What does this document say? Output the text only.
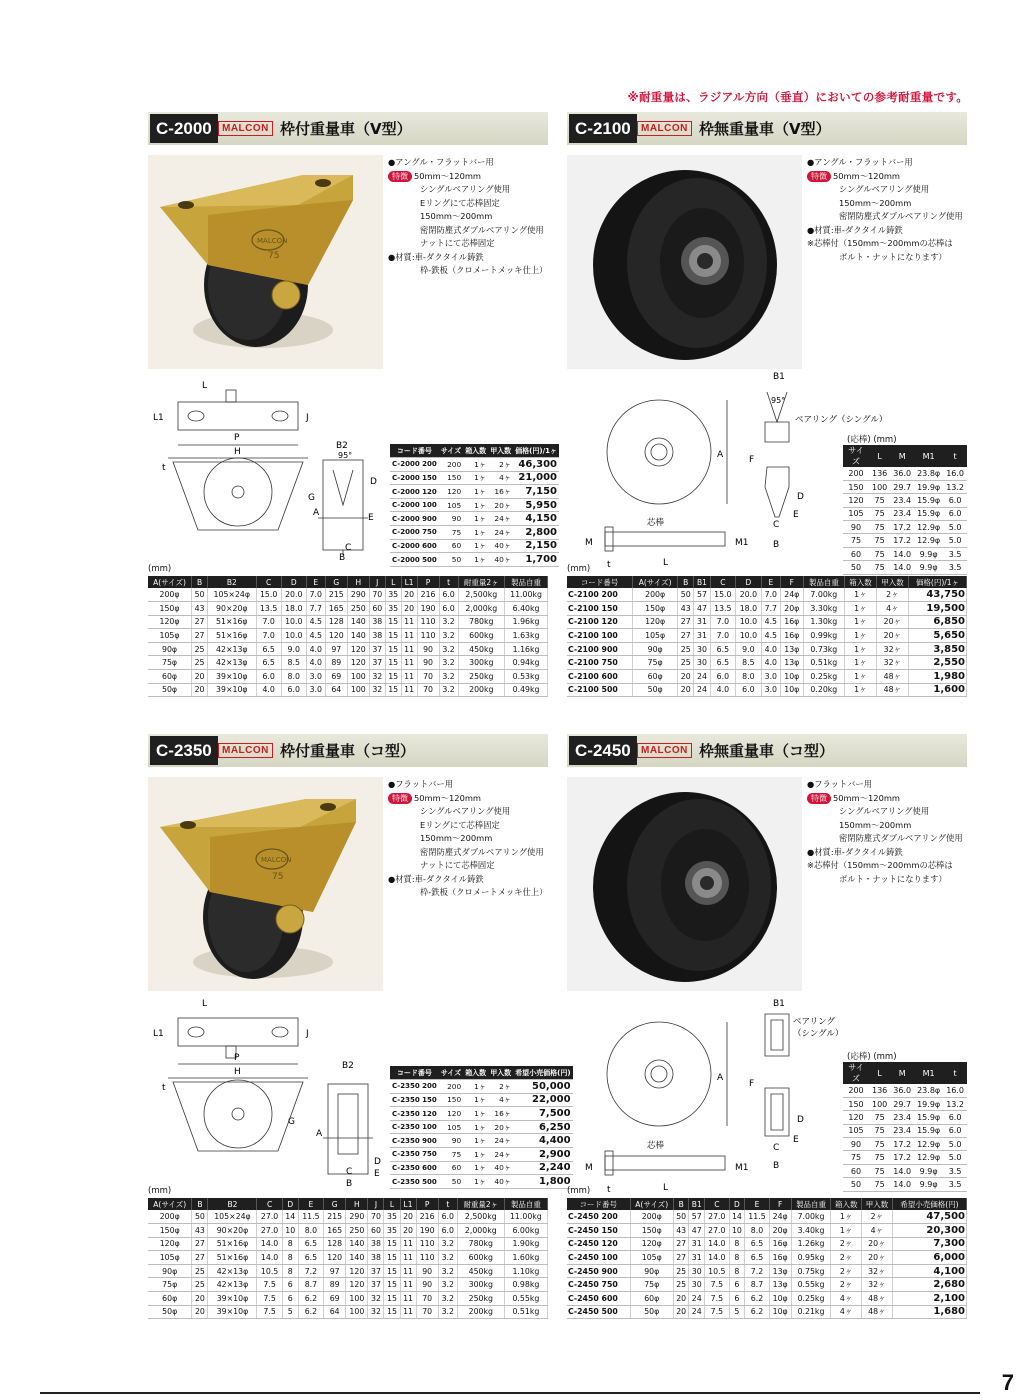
※耐重量は、ラジアル方向（垂直）においての参考耐重量です。
C-2000	MALCON 枠付重量車（V型）
MALCON
75
●アングル・フラットバー用
特徴 50mm～120mm
シングルベアリング使用
Eリングにて芯棒固定
150mm～200mm
密閉防塵式ダブルベアリング使用
ナットにて芯棒固定
●材質:車-ダクタイル鋳鉄
枠-鉄板（クロメートメッキ仕上）
L
L1	J
P
H
t
G
A
B2
95°
D
E
C
B
コード番号	サイズ	箱入数	甲入数	価格(円)/1ヶ
C-2000 200	200	1ヶ	2ヶ	46,300
C-2000 150	150	1ヶ	4ヶ	21,000
C-2000 120	120	1ヶ	16ヶ	7,150
C-2000 100	105	1ヶ	20ヶ	5,950
C-2000 900	90	1ヶ	24ヶ	4,150
C-2000 750	75	1ヶ	24ヶ	2,800
C-2000 600	60	1ヶ	40ヶ	2,150
C-2000 500	50	1ヶ	40ヶ	1,700
(mm)
A(サイズ)	B	B2	C	D	E	G	H	J	L	L1	P	t	耐重量2ヶ	製品自重
200φ	50	105×24φ	15.0	20.0	7.0	215	290	70	35	20	216	6.0	2,500kg	11.00kg
150φ	43	90×20φ	13.5	18.0	7.7	165	250	60	35	20	190	6.0	2,000kg	6.40kg
120φ	27	51×16φ	7.0	10.0	4.5	128	140	38	15	11	110	3.2	780kg	1.96kg
105φ	27	51×16φ	7.0	10.0	4.5	120	140	38	15	11	110	3.2	600kg	1.63kg
90φ	25	42×13φ	6.5	9.0	4.0	97	120	37	15	11	90	3.2	450kg	1.16kg
75φ	25	42×13φ	6.5	8.5	4.0	89	120	37	15	11	90	3.2	300kg	0.94kg
60φ	20	39×10φ	6.0	8.0	3.0	69	100	32	15	11	70	3.2	250kg	0.53kg
50φ	20	39×10φ	4.0	6.0	3.0	64	100	32	15	11	70	3.2	200kg	0.49kg
C-2100	MALCON 枠無重量車（V型）
●アングル・フラットバー用
特徴 50mm～120mm
シングルベアリング使用
150mm～200mm
密閉防塵式ダブルベアリング使用
●材質:車-ダクタイル鋳鉄
※芯棒付（150mm～200mmの芯棒は
ボルト・ナットになります）
B1
95°
ベアリング（シングル）
A	F
D
E
C
B
芯棒
M	M1
L
t
(応棒) (mm)
サイズ	L	M	M1	t
200	136	36.0	23.8φ	16.0
150	100	29.7	19.9φ	13.2
120	75	23.4	15.9φ	6.0
105	75	23.4	15.9φ	6.0
90	75	17.2	12.9φ	5.0
75	75	17.2	12.9φ	5.0
60	75	14.0	9.9φ	3.5
50	75	14.0	9.9φ	3.5
(mm)
コード番号	A(サイズ)	B	B1	C	D	E	F	製品自重	箱入数	甲入数	価格(円)/1ヶ
C-2100 200	200φ	50	57	15.0	20.0	7.0	24φ	7.00kg	1ヶ	2ヶ	43,750
C-2100 150	150φ	43	47	13.5	18.0	7.7	20φ	3.30kg	1ヶ	4ヶ	19,500
C-2100 120	120φ	27	31	7.0	10.0	4.5	16φ	1.30kg	1ヶ	20ヶ	6,850
C-2100 100	105φ	27	31	7.0	10.0	4.5	16φ	0.99kg	1ヶ	20ヶ	5,650
C-2100 900	90φ	25	30	6.5	9.0	4.0	13φ	0.73kg	1ヶ	32ヶ	3,850
C-2100 750	75φ	25	30	6.5	8.5	4.0	13φ	0.51kg	1ヶ	32ヶ	2,550
C-2100 600	60φ	20	24	6.0	8.0	3.0	10φ	0.25kg	1ヶ	48ヶ	1,980
C-2100 500	50φ	20	24	4.0	6.0	3.0	10φ	0.20kg	1ヶ	48ヶ	1,600
C-2350	MALCON 枠付重量車（コ型）
MALCON
75
●フラットバー用
特徴 50mm～120mm
シングルベアリング使用
Eリングにて芯棒固定
150mm～200mm
密閉防塵式ダブルベアリング使用
ナットにて芯棒固定
●材質:車-ダクタイル鋳鉄
枠-鉄板（クロメートメッキ仕上）
L
L1	J
P
H
t
G
A
B2
D
E
C
B
コード番号	サイズ	箱入数	甲入数	希望小売価格(円)
C-2350 200	200	1ヶ	2ヶ	50,000
C-2350 150	150	1ヶ	4ヶ	22,000
C-2350 120	120	1ヶ	16ヶ	7,500
C-2350 100	105	1ヶ	20ヶ	6,250
C-2350 900	90	1ヶ	24ヶ	4,400
C-2350 750	75	1ヶ	24ヶ	2,900
C-2350 600	60	1ヶ	40ヶ	2,240
C-2350 500	50	1ヶ	40ヶ	1,800
(mm)
A(サイズ)	B	B2	C	D	E	G	H	J	L	L1	P	t	耐重量2ヶ	製品自重
200φ	50	105×24φ	27.0	14	11.5	215	290	70	35	20	216	6.0	2,500kg	11.00kg
150φ	43	90×20φ	27.0	10	8.0	165	250	60	35	20	190	6.0	2,000kg	6.00kg
120φ	27	51×16φ	14.0	8	6.5	128	140	38	15	11	110	3.2	780kg	1.90kg
105φ	27	51×16φ	14.0	8	6.5	120	140	38	15	11	110	3.2	600kg	1.60kg
90φ	25	42×13φ	10.5	8	7.2	97	120	37	15	11	90	3.2	450kg	1.10kg
75φ	25	42×13φ	7.5	6	8.7	89	120	37	15	11	90	3.2	300kg	0.98kg
60φ	20	39×10φ	7.5	6	6.2	69	100	32	15	11	70	3.2	250kg	0.55kg
50φ	20	39×10φ	7.5	5	6.2	64	100	32	15	11	70	3.2	200kg	0.51kg
C-2450	MALCON 枠無重量車（コ型）
●フラットバー用
特徴 50mm～120mm
シングルベアリング使用
150mm～200mm
密閉防塵式ダブルベアリング使用
●材質:車-ダクタイル鋳鉄
※芯棒付（150mm～200mmの芯棒は
ボルト・ナットになります）
B1
ベアリング
（シングル）
A
F
D
E
C
B
芯棒
M	M1
L
t
(応棒) (mm)
サイズ	L	M	M1	t
200	136	36.0	23.8φ	16.0
150	100	29.7	19.9φ	13.2
120	75	23.4	15.9φ	6.0
105	75	23.4	15.9φ	6.0
90	75	17.2	12.9φ	5.0
75	75	17.2	12.9φ	5.0
60	75	14.0	9.9φ	3.5
50	75	14.0	9.9φ	3.5
(mm)
コード番号	A(サイズ)	B	B1	C	D	E	F	製品自重	箱入数	甲入数	希望小売価格(円)
C-2450 200	200φ	50	57	27.0	14	11.5	24φ	7.00kg	1ヶ	2ヶ	47,500
C-2450 150	150φ	43	47	27.0	10	8.0	20φ	3.40kg	1ヶ	4ヶ	20,300
C-2450 120	120φ	27	31	14.0	8	6.5	16φ	1.26kg	2ヶ	20ヶ	7,300
C-2450 100	105φ	27	31	14.0	8	6.5	16φ	0.95kg	2ヶ	20ヶ	6,000
C-2450 900	90φ	25	30	10.5	8	7.2	13φ	0.75kg	2ヶ	32ヶ	4,100
C-2450 750	75φ	25	30	7.5	6	8.7	13φ	0.55kg	2ヶ	32ヶ	2,680
C-2450 600	60φ	20	24	7.5	6	6.2	10φ	0.25kg	4ヶ	48ヶ	2,100
C-2450 500	50φ	20	24	7.5	5	6.2	10φ	0.21kg	4ヶ	48ヶ	1,680
7
